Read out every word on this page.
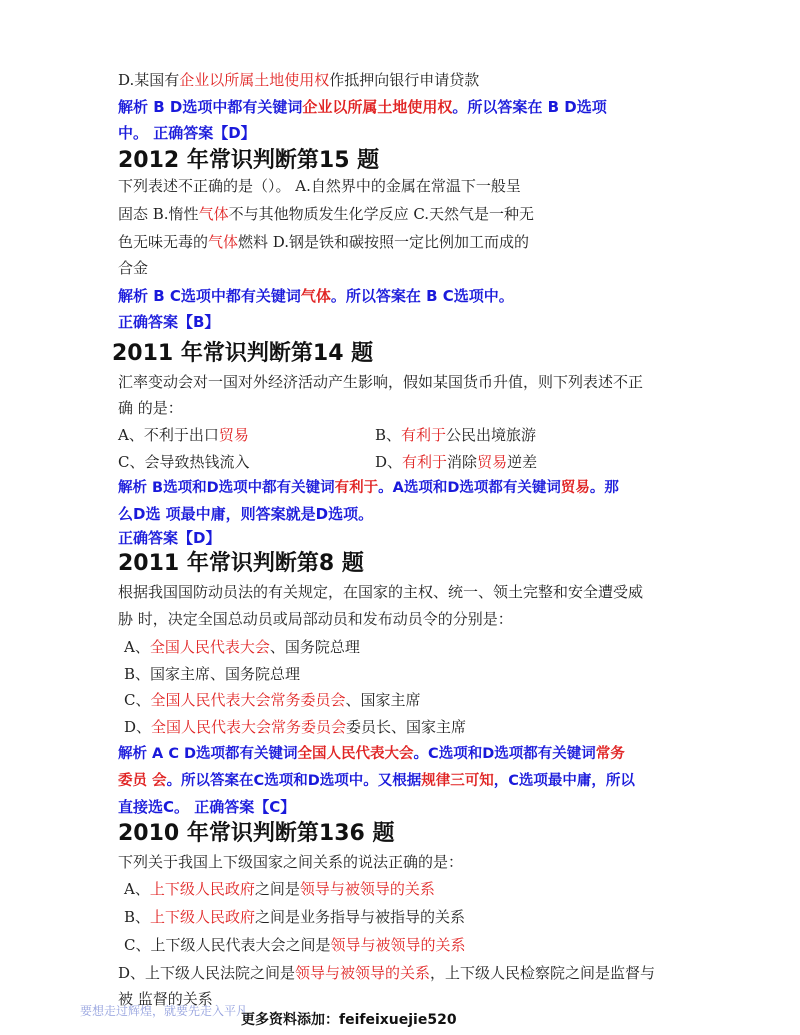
D.某国有企业以所属土地使用权作抵押向银行申请贷款
解析 B D选项中都有关键词企业以所属土地使用权。所以答案在 B D选项
中。 正确答案【D】
2012 年常识判断第15 题
下列表述不正确的是（）。 A.自然界中的金属在常温下一般呈
固态 B.惰性气体不与其他物质发生化学反应 C.天然气是一种无
色无味无毒的气体燃料 D.钢是铁和碳按照一定比例加工而成的
合金
解析 B C选项中都有关键词气体。所以答案在 B C选项中。
正确答案【B】
2011 年常识判断第14 题
汇率变动会对一国对外经济活动产生影响，假如某国货币升值，则下列表述不正
确 的是：
A、不利于出口贸易	B、有利于公民出境旅游
C、会导致热钱流入	D、有利于消除贸易逆差
解析 B选项和D选项中都有关键词有利于。A选项和D选项都有关键词贸易。那
么D选 项最中庸，则答案就是D选项。
正确答案【D】
2011 年常识判断第8 题
根据我国国防动员法的有关规定，在国家的主权、统一、领土完整和安全遭受威
胁 时，决定全国总动员或局部动员和发布动员令的分别是：
A、全国人民代表大会、国务院总理
B、国家主席、国务院总理
C、全国人民代表大会常务委员会、国家主席
D、全国人民代表大会常务委员会委员长、国家主席
解析 A C D选项都有关键词全国人民代表大会。C选项和D选项都有关键词常务
委员 会。所以答案在C选项和D选项中。又根据规律三可知，C选项最中庸，所以
直接选C。 正确答案【C】
2010 年常识判断第136 题
下列关于我国上下级国家之间关系的说法正确的是：
A、上下级人民政府之间是领导与被领导的关系
B、上下级人民政府之间是业务指导与被指导的关系
C、上下级人民代表大会之间是领导与被领导的关系
D、上下级人民法院之间是领导与被领导的关系，上下级人民检察院之间是监督与
被 监督的关系
要想走过辉煌，就要先走入平凡
更多资料添加：feifeixuejie520
